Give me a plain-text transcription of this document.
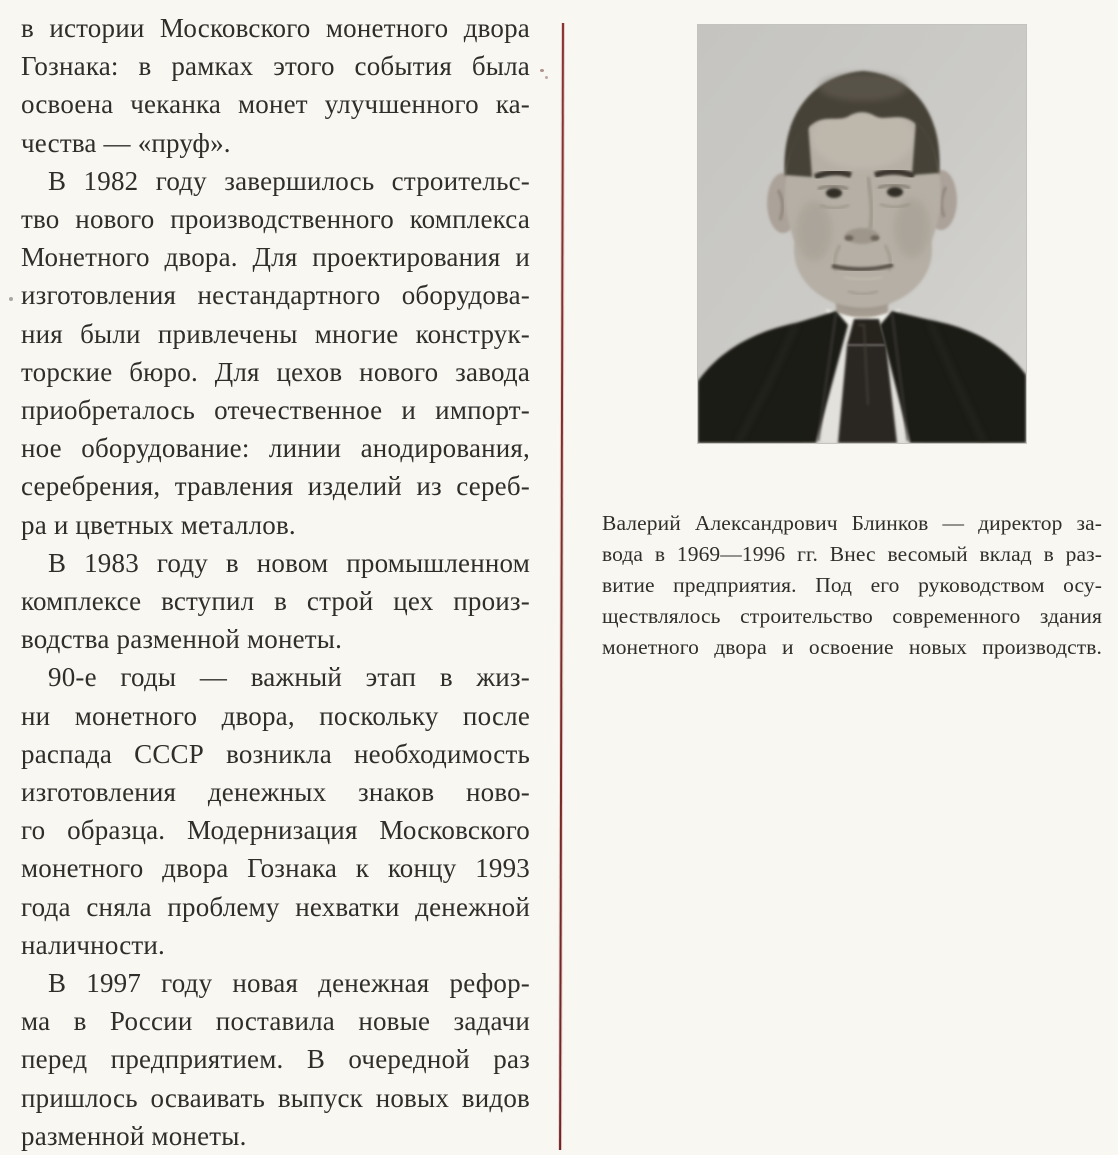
в истории Московского монетного двора
Гознака: в рамках этого события была
освоена чеканка монет улучшенного ка-
чества — «пруф».
В 1982 году завершилось строительс-
тво нового производственного комплекса
Монетного двора. Для проектирования и
изготовления нестандартного оборудова-
ния были привлечены многие конструк-
торские бюро. Для цехов нового завода
приобреталось отечественное и импорт-
ное оборудование: линии анодирования,
серебрения, травления изделий из сереб-
ра и цветных металлов.
В 1983 году в новом промышленном
комплексе вступил в строй цех произ-
водства разменной монеты.
90-е годы — важный этап в жиз-
ни монетного двора, поскольку после
распада СССР возникла необходимость
изготовления денежных знаков ново-
го образца. Модернизация Московского
монетного двора Гознака к концу 1993
года сняла проблему нехватки денежной
наличности.
В 1997 году новая денежная рефор-
ма в России поставила новые задачи
перед предприятием. В очередной раз
пришлось осваивать выпуск новых видов
разменной монеты.
Валерий Александрович Блинков — директор за-
вода в 1969—1996 гг. Внес весомый вклад в раз-
витие предприятия. Под его руководством осу-
ществлялось строительство современного здания
монетного двора и освоение новых производств.
